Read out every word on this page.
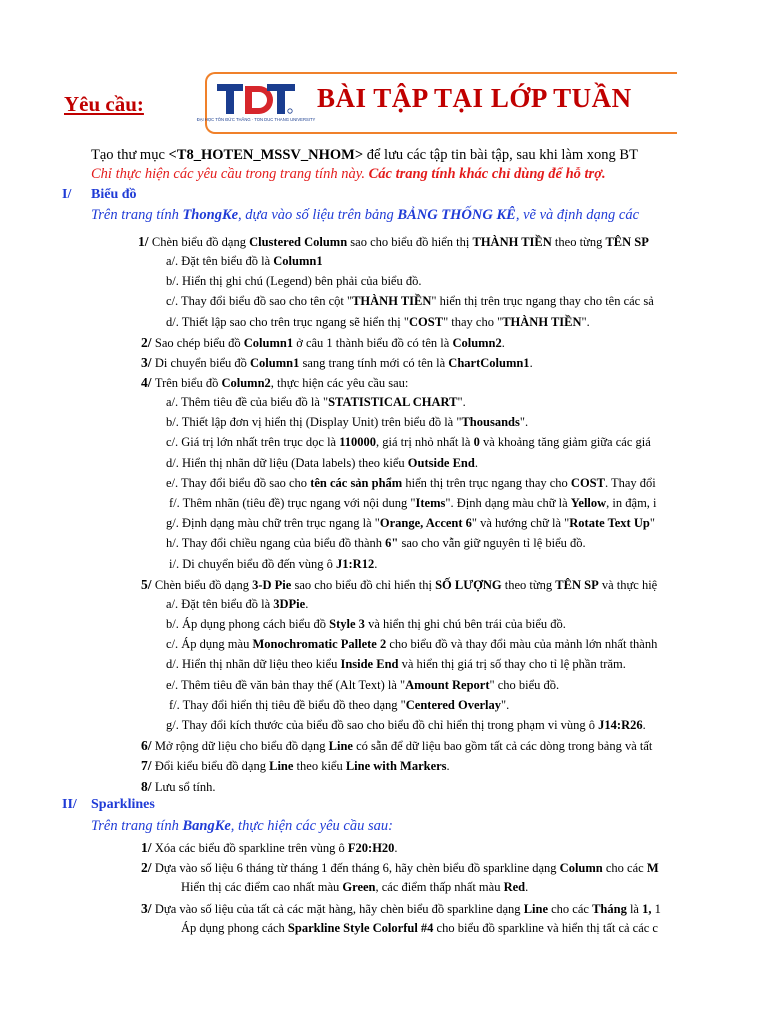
Yêu cầu:
ĐẠI HỌC TÔN ĐỨC THẮNG · TON DUC THANG UNIVERSITY
BÀI TẬP TẠI LỚP TUẦN
Tạo thư mục <T8_HOTEN_MSSV_NHOM> để lưu các tập tin bài tập, sau khi làm xong BT
Chỉ thực hiện các yêu cầu trong trang tính này. Các trang tính khác chỉ dùng để hỗ trợ.
I/ Biểu đồ
Trên trang tính ThongKe, dựa vào số liệu trên bảng BẢNG THỐNG KÊ, vẽ và định dạng các
II/ Sparklines
Trên trang tính BangKe, thực hiện các yêu cầu sau:
1/ Chèn biểu đồ dạng Clustered Column sao cho biểu đồ hiển thị THÀNH TIỀN theo từng TÊN SP
a/. Đặt tên biểu đồ là Column1
b/. Hiển thị ghi chú (Legend) bên phải của biểu đồ.
c/. Thay đổi biểu đồ sao cho tên cột "THÀNH TIỀN" hiển thị trên trục ngang thay cho tên các sả
d/. Thiết lập sao cho trên trục ngang sẽ hiển thị "COST" thay cho "THÀNH TIỀN".
2/ Sao chép biểu đồ Column1 ở câu 1 thành biểu đồ có tên là Column2.
3/ Di chuyển biểu đồ Column1 sang trang tính mới có tên là ChartColumn1.
4/ Trên biểu đồ Column2, thực hiện các yêu cầu sau:
a/. Thêm tiêu đề của biểu đồ là "STATISTICAL CHART".
b/. Thiết lập đơn vị hiển thị (Display Unit) trên biểu đồ là "Thousands".
c/. Giá trị lớn nhất trên trục dọc là 110000, giá trị nhỏ nhất là 0 và khoảng tăng giảm giữa các giá
d/. Hiển thị nhãn dữ liệu (Data labels) theo kiểu Outside End.
e/. Thay đổi biểu đồ sao cho tên các sản phẩm hiển thị trên trục ngang thay cho COST. Thay đổi
f/. Thêm nhãn (tiêu đề) trục ngang với nội dung "Items". Định dạng màu chữ là Yellow, in đậm, i
g/. Định dạng màu chữ trên trục ngang là "Orange, Accent 6" và hướng chữ là "Rotate Text Up"
h/. Thay đổi chiều ngang của biểu đồ thành 6" sao cho vẫn giữ nguyên tỉ lệ biểu đồ.
i/. Di chuyển biểu đồ đến vùng ô J1:R12.
5/ Chèn biểu đồ dạng 3-D Pie sao cho biểu đồ chỉ hiển thị SỐ LƯỢNG theo từng TÊN SP và thực hiệ
a/. Đặt tên biểu đồ là 3DPie.
b/. Áp dụng phong cách biểu đồ Style 3 và hiển thị ghi chú bên trái của biểu đồ.
c/. Áp dụng màu Monochromatic Pallete 2 cho biểu đồ và thay đổi màu của mảnh lớn nhất thành
d/. Hiển thị nhãn dữ liệu theo kiểu Inside End và hiển thị giá trị số thay cho tỉ lệ phần trăm.
e/. Thêm tiêu đề văn bản thay thế (Alt Text) là "Amount Report" cho biểu đồ.
f/. Thay đổi hiển thị tiêu đề biểu đồ theo dạng "Centered Overlay".
g/. Thay đổi kích thước của biểu đồ sao cho biểu đồ chỉ hiển thị trong phạm vi vùng ô J14:R26.
6/ Mở rộng dữ liệu cho biểu đồ dạng Line có sẵn để dữ liệu bao gồm tất cả các dòng trong bảng và tất
7/ Đổi kiểu biểu đồ dạng Line theo kiểu Line with Markers.
8/ Lưu sổ tính.
1/ Xóa các biểu đồ sparkline trên vùng ô F20:H20.
2/ Dựa vào số liệu 6 tháng từ tháng 1 đến tháng 6, hãy chèn biểu đồ sparkline dạng Column cho các M
Hiển thị các điểm cao nhất màu Green, các điểm thấp nhất màu Red.
3/ Dựa vào số liệu của tất cả các mặt hàng, hãy chèn biểu đồ sparkline dạng Line cho các Tháng là 1, 1
Áp dụng phong cách Sparkline Style Colorful #4 cho biểu đồ sparkline và hiển thị tất cả các c
